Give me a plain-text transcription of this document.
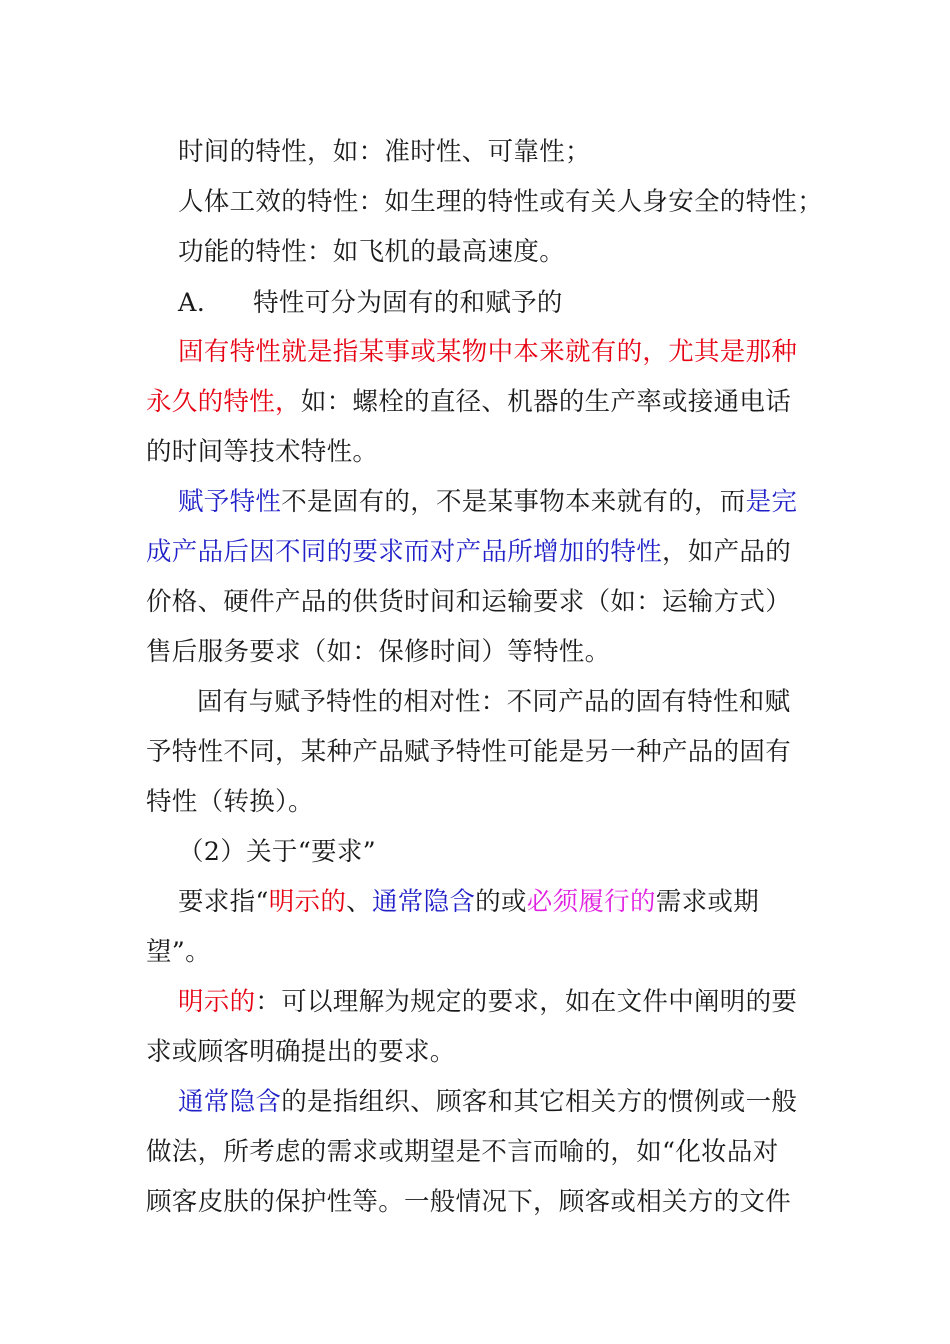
时间的特性，如：准时性、可靠性；
人体工效的特性：如生理的特性或有关人身安全的特性；
功能的特性：如飞机的最高速度。
A. 特性可分为固有的和赋予的
固有特性就是指某事或某物中本来就有的，尤其是那种
永久的特性，如：螺栓的直径、机器的生产率或接通电话
的时间等技术特性。
赋予特性不是固有的，不是某事物本来就有的，而是完
成产品后因不同的要求而对产品所增加的特性，如产品的
价格、硬件产品的供货时间和运输要求（如：运输方式）
售后服务要求（如：保修时间）等特性。
固有与赋予特性的相对性：不同产品的固有特性和赋
予特性不同，某种产品赋予特性可能是另一种产品的固有
特性（转换）。
（2）关于“要求”
要求指“明示的、通常隐含的或必须履行的需求或期
望”。
明示的：可以理解为规定的要求，如在文件中阐明的要
求或顾客明确提出的要求。
通常隐含的是指组织、顾客和其它相关方的惯例或一般
做法，所考虑的需求或期望是不言而喻的，如“化妆品对
顾客皮肤的保护性等。一般情况下，顾客或相关方的文件
